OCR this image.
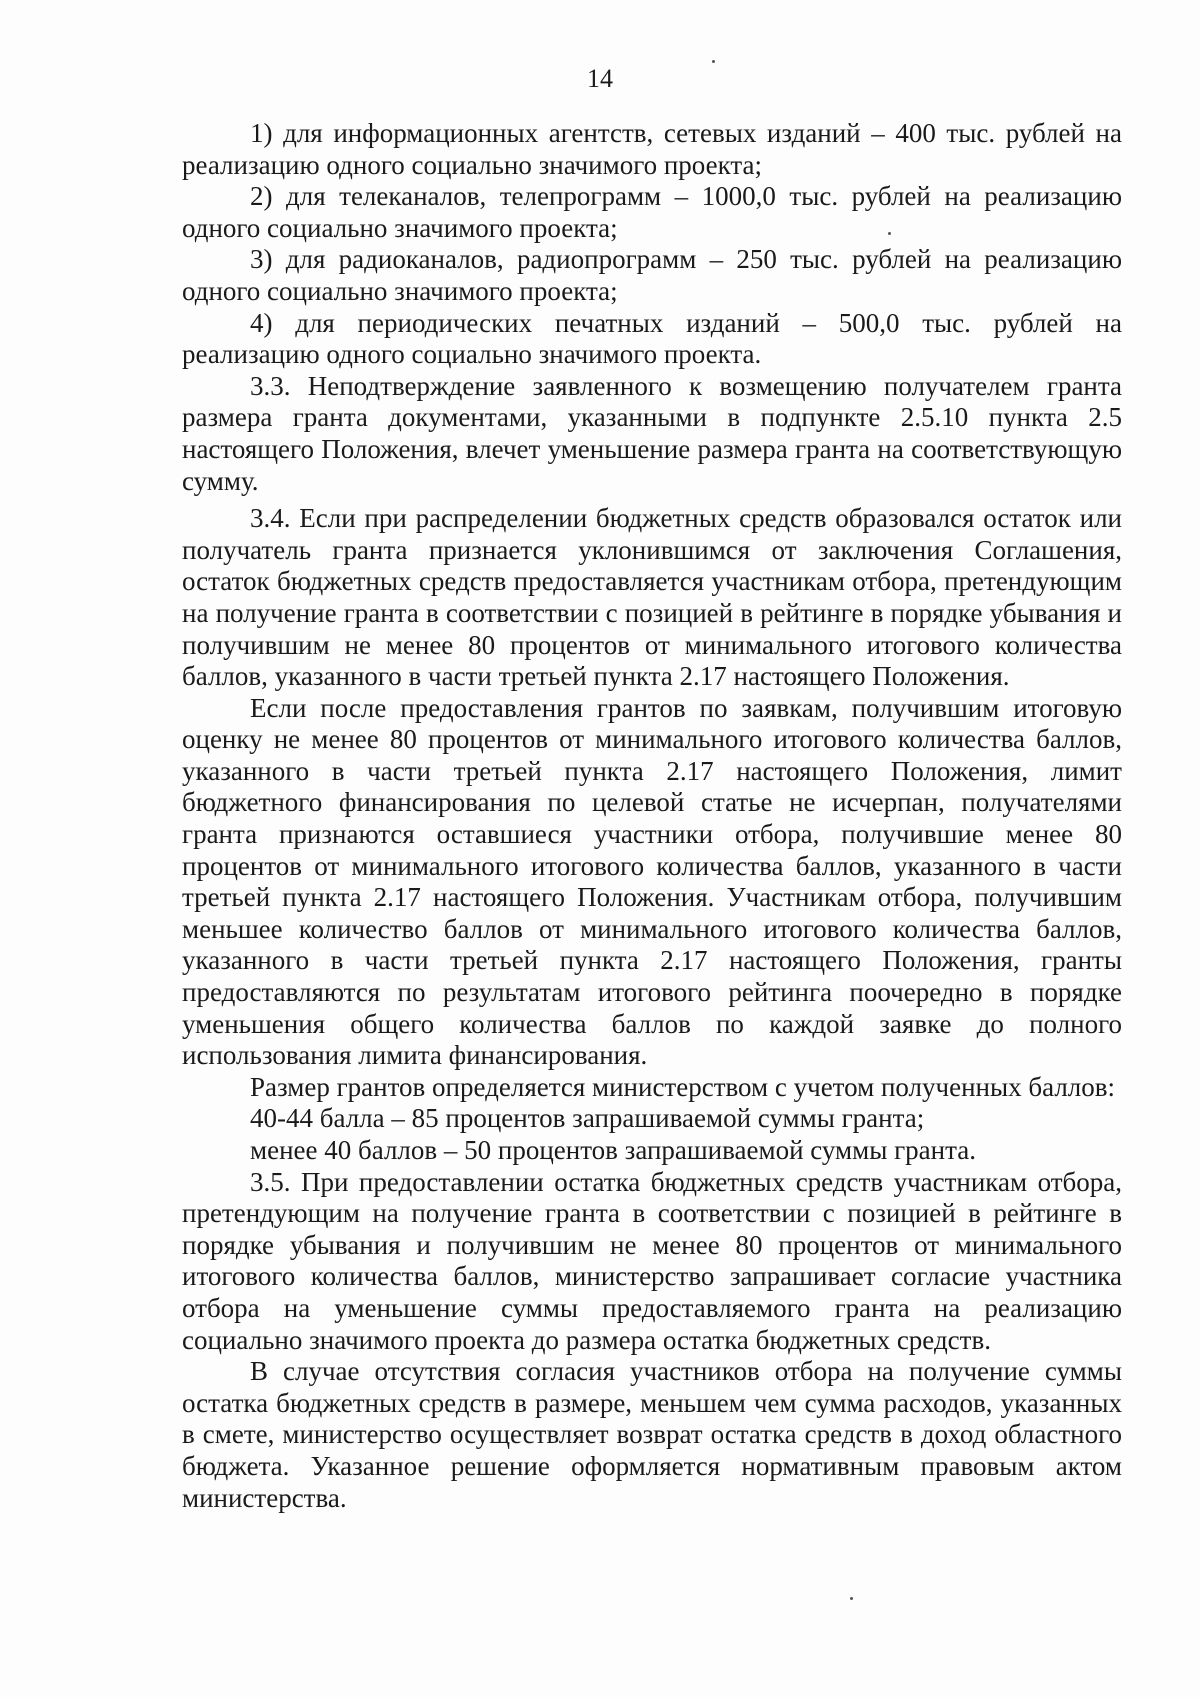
14

1) для информационных агентств, сетевых изданий – 400 тыс. рублей на реализацию одного социально значимого проекта;

2) для телеканалов, телепрограмм – 1000,0 тыс. рублей на реализацию одного социально значимого проекта;

3) для радиоканалов, радиопрограмм – 250 тыс. рублей на реализацию одного социально значимого проекта;

4) для периодических печатных изданий – 500,0 тыс. рублей на реализацию одного социально значимого проекта.

3.3. Неподтверждение заявленного к возмещению получателем гранта размера гранта документами, указанными в подпункте 2.5.10 пункта 2.5 настоящего Положения, влечет уменьшение размера гранта на соответствующую сумму.

3.4. Если при распределении бюджетных средств образовался остаток или получатель гранта признается уклонившимся от заключения Соглашения, остаток бюджетных средств предоставляется участникам отбора, претендующим на получение гранта в соответствии с позицией в рейтинге в порядке убывания и получившим не менее 80 процентов от минимального итогового количества баллов, указанного в части третьей пункта 2.17 настоящего Положения.

Если после предоставления грантов по заявкам, получившим итоговую оценку не менее 80 процентов от минимального итогового количества баллов, указанного в части третьей пункта 2.17 настоящего Положения, лимит бюджетного финансирования по целевой статье не исчерпан, получателями гранта признаются оставшиеся участники отбора, получившие менее 80 процентов от минимального итогового количества баллов, указанного в части третьей пункта 2.17 настоящего Положения. Участникам отбора, получившим меньшее количество баллов от минимального итогового количества баллов, указанного в части третьей пункта 2.17 настоящего Положения, гранты предоставляются по результатам итогового рейтинга поочередно в порядке уменьшения общего количества баллов по каждой заявке до полного использования лимита финансирования.

Размер грантов определяется министерством с учетом полученных баллов:

40-44 балла – 85 процентов запрашиваемой суммы гранта;

менее 40 баллов – 50 процентов запрашиваемой суммы гранта.

3.5. При предоставлении остатка бюджетных средств участникам отбора, претендующим на получение гранта в соответствии с позицией в рейтинге в порядке убывания и получившим не менее 80 процентов от минимального итогового количества баллов, министерство запрашивает согласие участника отбора на уменьшение суммы предоставляемого гранта на реализацию социально значимого проекта до размера остатка бюджетных средств.

В случае отсутствия согласия участников отбора на получение суммы остатка бюджетных средств в размере, меньшем чем сумма расходов, указанных в смете, министерство осуществляет возврат остатка средств в доход областного бюджета. Указанное решение оформляется нормативным правовым актом министерства.
